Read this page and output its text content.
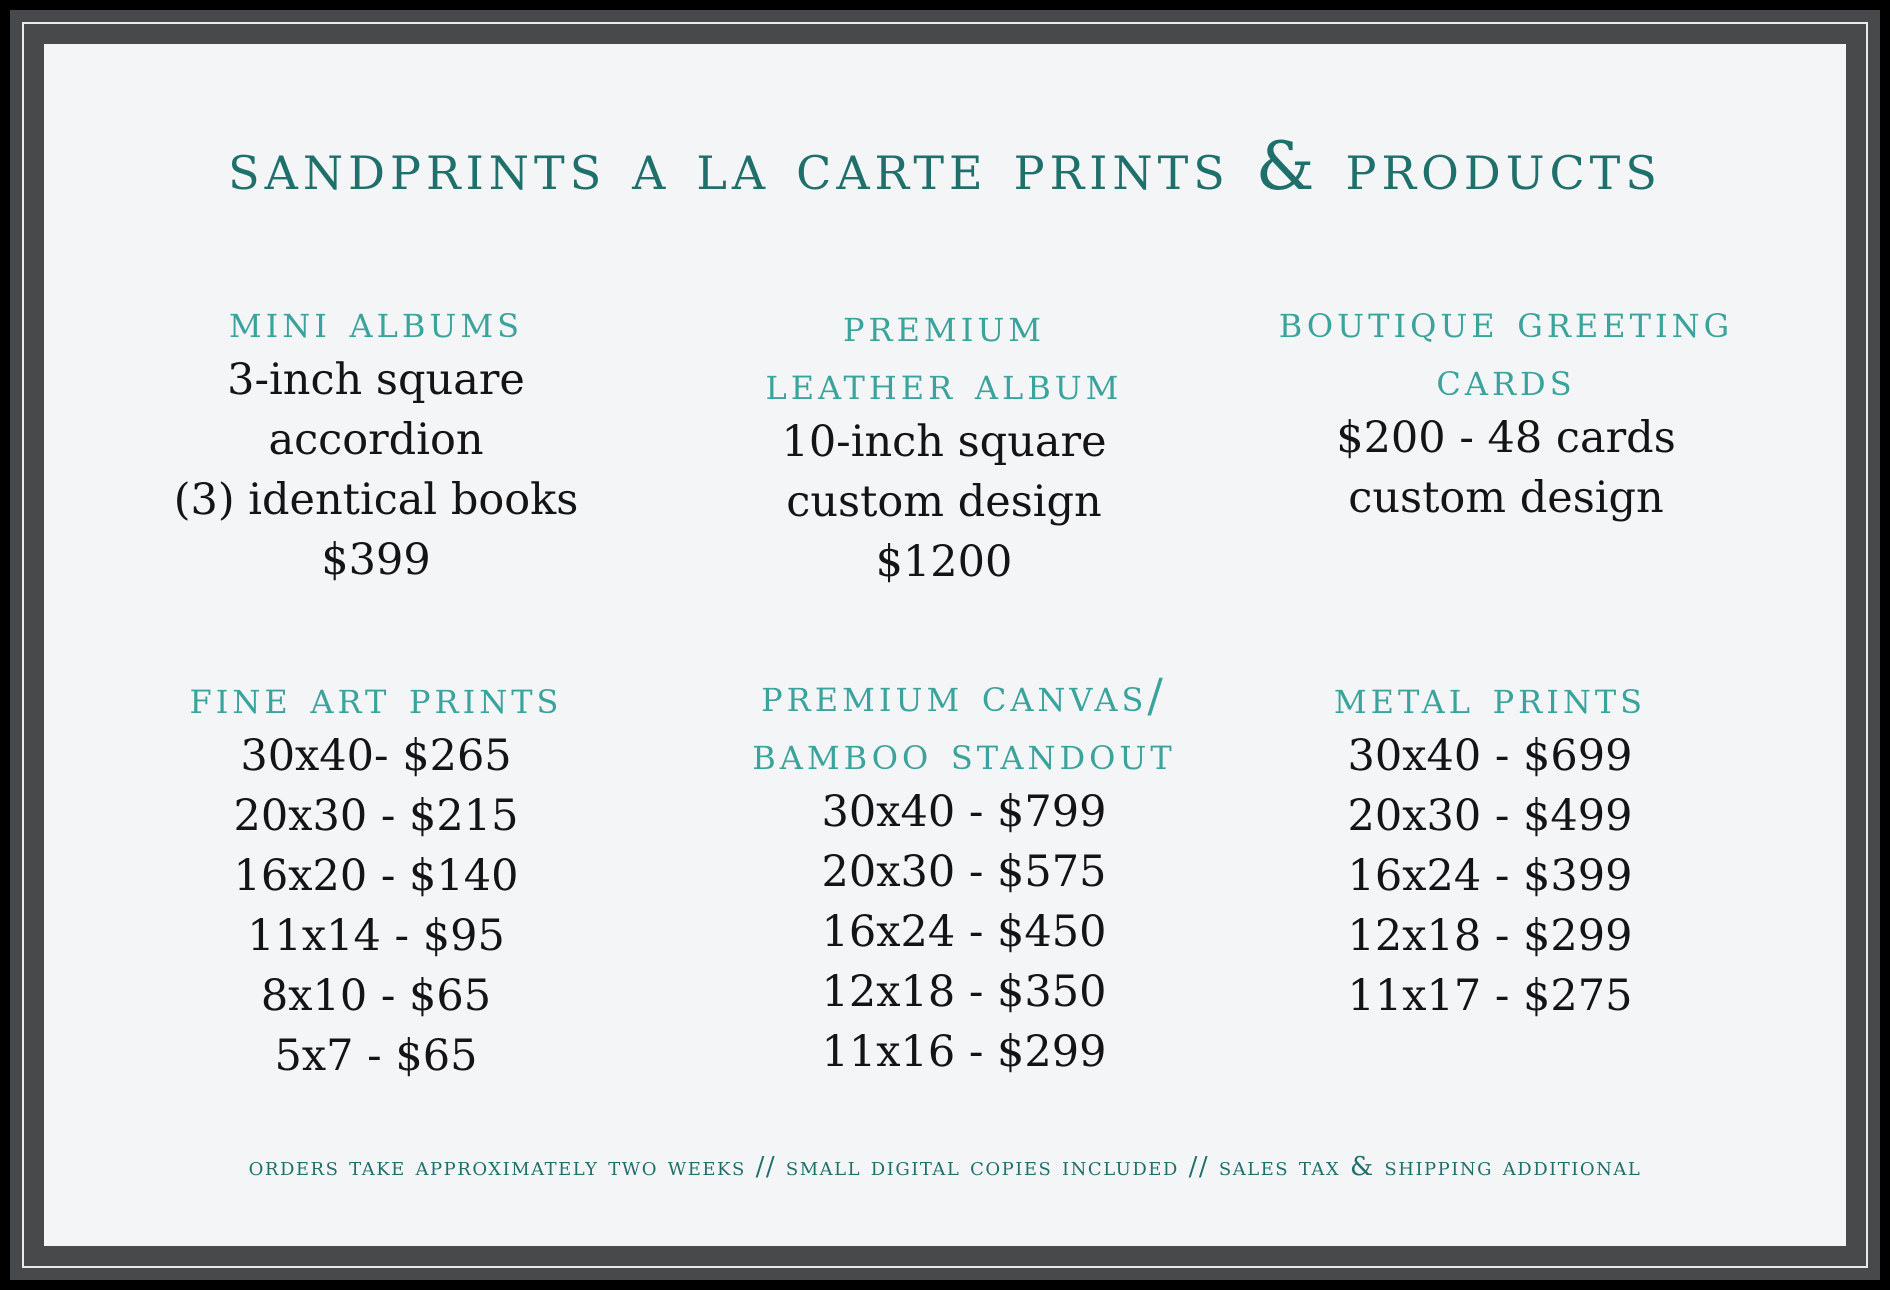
sandprints a la carte prints & products
mini albums
3-inch square
accordion
(3) identical books
$399
premium
leather album
10-inch square
custom design
$1200
boutique greeting
cards
$200 - 48 cards
custom design
fine art prints
30x40- $265
20x30 - $215
16x20 - $140
11x14 - $95
8x10 - $65
5x7 - $65
premium canvas/
bamboo standout
30x40 - $799
20x30 - $575
16x24 - $450
12x18 - $350
11x16 - $299
metal prints
30x40 - $699
20x30 - $499
16x24 - $399
12x18 - $299
11x17 - $275
orders take approximately two weeks // small digital copies included // sales tax & shipping additional
